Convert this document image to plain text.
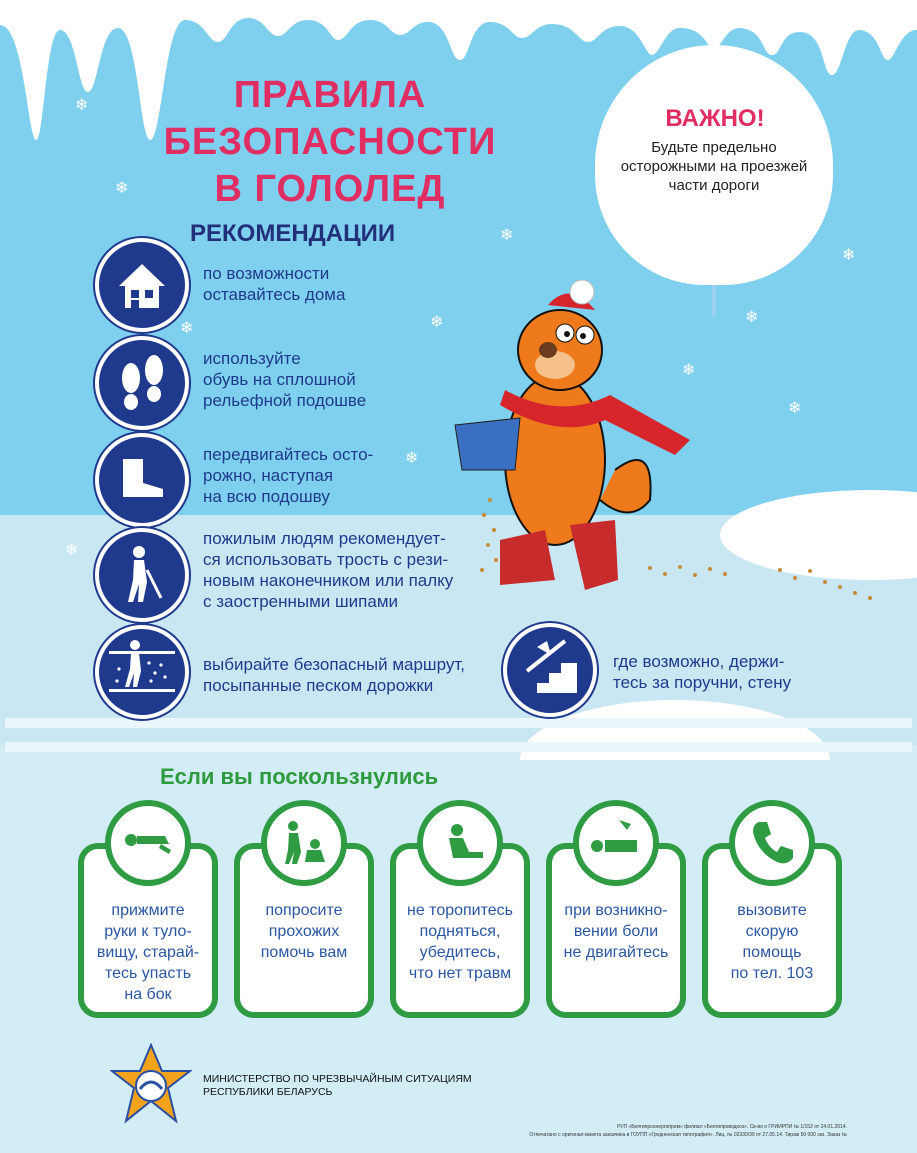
❄
❄
❄
❄	❄
❄
❄
❄
❄
❄
❄
ПРАВИЛА
БЕЗОПАСНОСТИ
В ГОЛОЛЕД
ВАЖНО!
Будьте предельно
осторожными на проезжей
части дороги
РЕКОМЕНДАЦИИ
по возможности
оставайтесь дома
используйте
обувь на сплошной
рельефной подошве
передвигайтесь осто-
рожно, наступая
на всю подошву
пожилым людям рекомендует-
ся использовать трость с рези-
новым наконечником или палку
с заостренными шипами
выбирайте безопасный маршрут,
посыпанные песком дорожки
где возможно, держи-
тесь за поручни, стену
Если вы поскользнулись
прижмите
руки к туло-
вищу, старай-
тесь упасть
на бок
попросите
прохожих
помочь вам
не торопитесь
подняться,
убедитесь,
что нет травм
при возникно-
вении боли
не двигайтесь
вызовите
скорую
помощь
по тел. 103
МИНИСТЕРСТВО ПО ЧРЕЗВЫЧАЙНЫМ СИТУАЦИЯМ
РЕСПУБЛИКИ БЕЛАРУСЬ
РУП «Белгипроэнергопром» филиал «Белгипроводхоз». Св-во о ГРИИРПИ № 1/152 от 24.01.2014.
Отпечатано с оригинал-макета заказчика в ГОУПП «Гродненская типография». Лиц. № 02330/39 от 27.05.14. Тираж 50 000 экз. Заказ №
